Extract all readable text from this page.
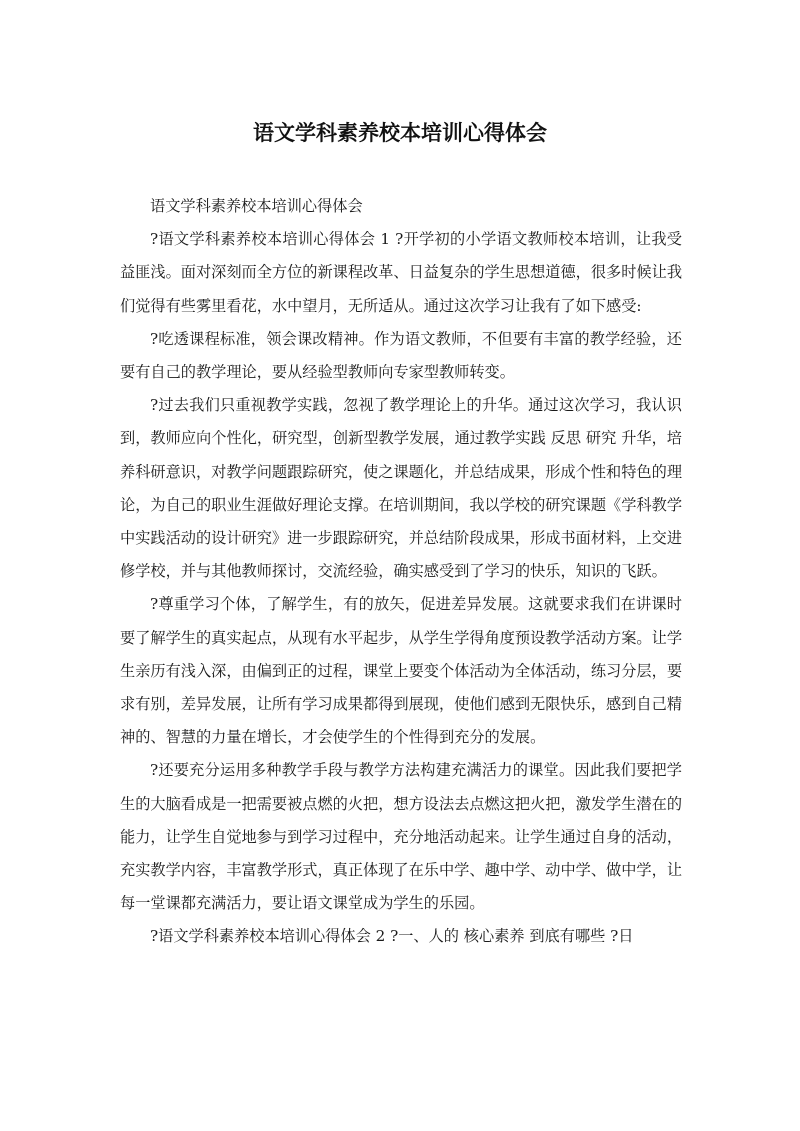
语文学科素养校本培训心得体会

语文学科素养校本培训心得体会

?语文学科素养校本培训心得体会 1 ?开学初的小学语文教师校本培训，让我受益匪浅。面对深刻而全方位的新课程改革、日益复杂的学生思想道德，很多时候让我们觉得有些雾里看花，水中望月，无所适从。通过这次学习让我有了如下感受:

?吃透课程标准，领会课改精神。作为语文教师，不但要有丰富的教学经验，还要有自己的教学理论，要从经验型教师向专家型教师转变。

?过去我们只重视教学实践，忽视了教学理论上的升华。通过这次学习，我认识到，教师应向个性化，研究型，创新型教学发展，通过教学实践 反思 研究 升华，培养科研意识，对教学问题跟踪研究，使之课题化，并总结成果，形成个性和特色的理论，为自己的职业生涯做好理论支撑。在培训期间，我以学校的研究课题《学科教学中实践活动的设计研究》进一步跟踪研究，并总结阶段成果，形成书面材料，上交进修学校，并与其他教师探讨，交流经验，确实感受到了学习的快乐，知识的飞跃。

?尊重学习个体，了解学生，有的放矢，促进差异发展。这就要求我们在讲课时要了解学生的真实起点，从现有水平起步，从学生学得角度预设教学活动方案。让学生亲历有浅入深，由偏到正的过程，课堂上要变个体活动为全体活动，练习分层，要求有别，差异发展，让所有学习成果都得到展现，使他们感到无限快乐，感到自己精神的、智慧的力量在增长，才会使学生的个性得到充分的发展。

?还要充分运用多种教学手段与教学方法构建充满活力的课堂。因此我们要把学生的大脑看成是一把需要被点燃的火把，想方设法去点燃这把火把，激发学生潜在的能力，让学生自觉地参与到学习过程中，充分地活动起来。让学生通过自身的活动，充实教学内容，丰富教学形式，真正体现了在乐中学、趣中学、动中学、做中学，让每一堂课都充满活力，要让语文课堂成为学生的乐园。

?语文学科素养校本培训心得体会 2 ?一、人的 核心素养 到底有哪些 ?日
